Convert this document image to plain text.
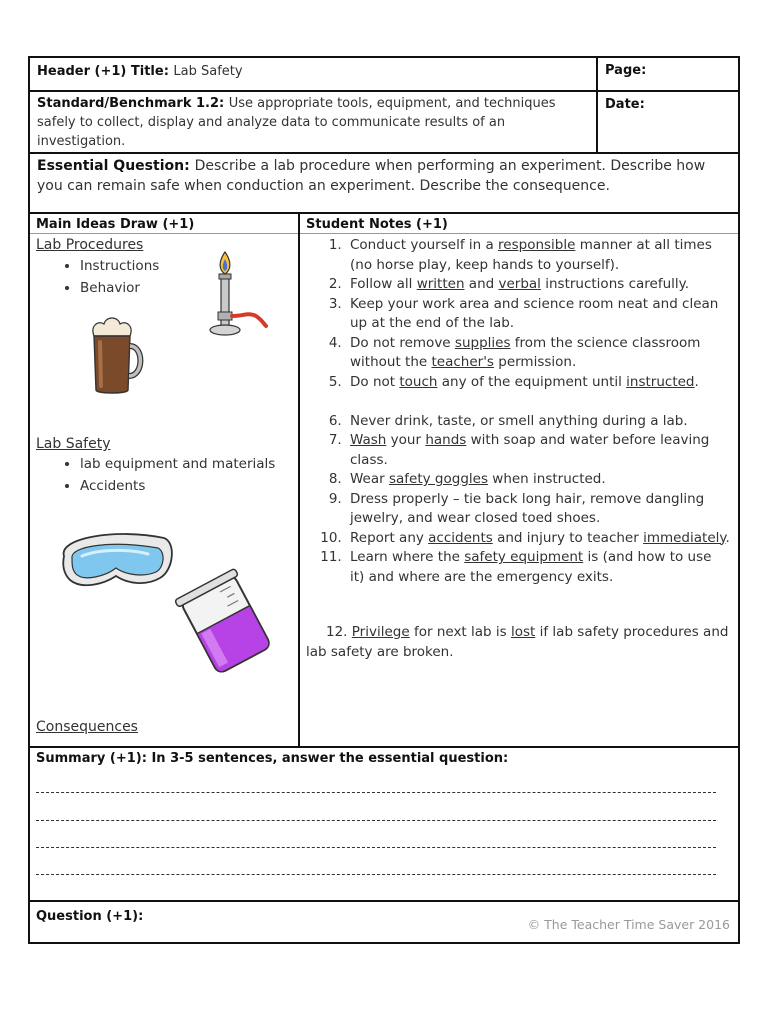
Header (+1) Title: Lab Safety	Page:
Standard/Benchmark 1.2: Use appropriate tools, equipment, and techniques safely to collect, display and analyze data to communicate results of an investigation.
Date:
Essential Question: Describe a lab procedure when performing an experiment. Describe how you can remain safe when conduction an experiment. Describe the consequence.
Main Ideas Draw (+1)
Lab Procedures
• Instructions
• Behavior
Lab Safety
• lab equipment and materials
• Accidents
Consequences
Student Notes (+1)
1. Conduct yourself in a responsible manner at all times (no horse play, keep hands to yourself).
2. Follow all written and verbal instructions carefully.
3. Keep your work area and science room neat and clean up at the end of the lab.
4. Do not remove supplies from the science classroom without the teacher's permission.
5. Do not touch any of the equipment until instructed.
6. Never drink, taste, or smell anything during a lab.
7. Wash your hands with soap and water before leaving class.
8. Wear safety goggles when instructed.
9. Dress properly – tie back long hair, remove dangling jewelry, and wear closed toed shoes.
10. Report any accidents and injury to teacher immediately.
11. Learn where the safety equipment is (and how to use it) and where are the emergency exits.
12. Privilege for next lab is lost if lab safety procedures and lab safety are broken.
Summary (+1): In 3-5 sentences, answer the essential question:
Question (+1):
© The Teacher Time Saver 2016
